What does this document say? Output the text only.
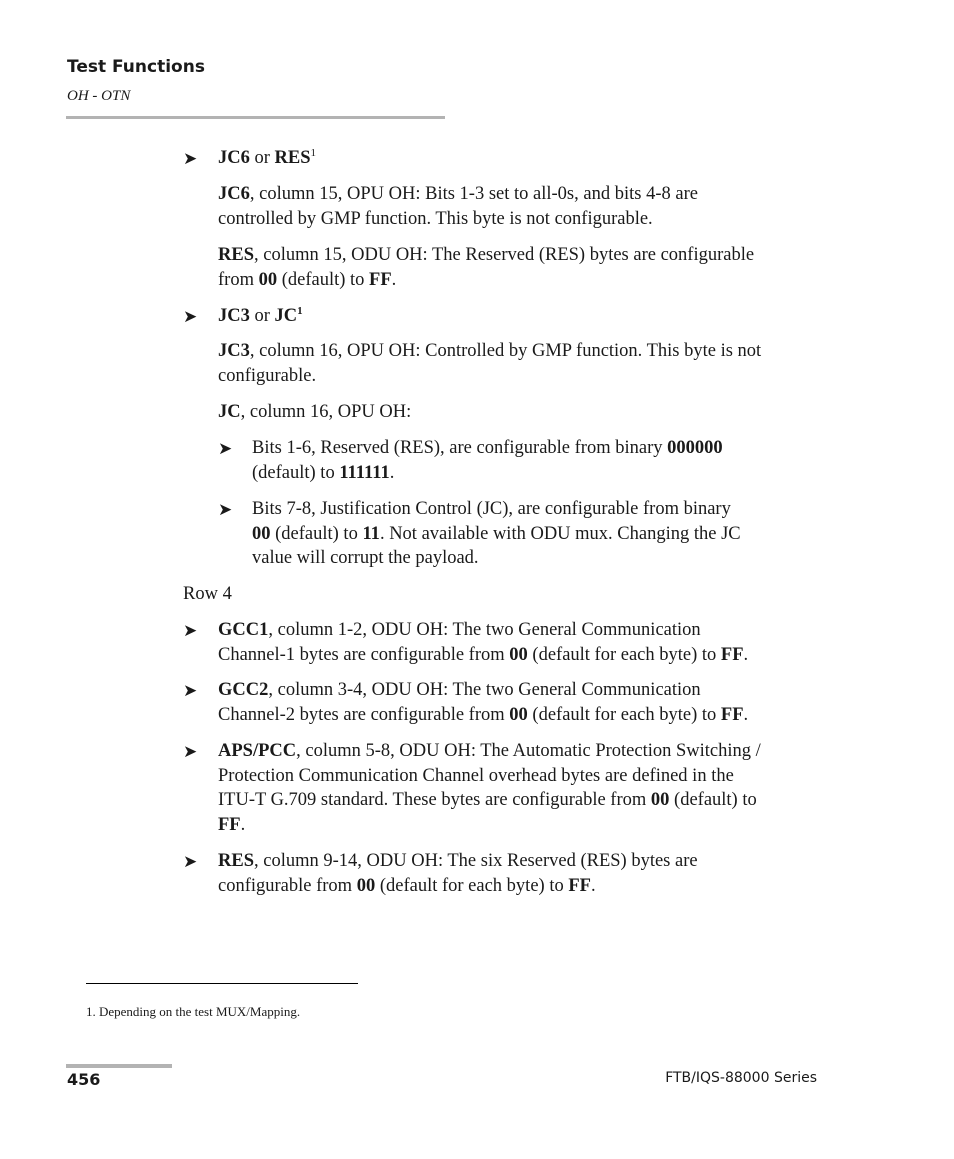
Test Functions
OH - OTN
➤ JC6 or RES$^1$
JC6, column 15, OPU OH: Bits 1-3 set to all-0s, and bits 4-8 are
controlled by GMP function. This byte is not configurable.
RES, column 15, ODU OH: The Reserved (RES) bytes are configurable
from 00 (default) to FF.
➤ JC3 or $JC^1$
JC3, column 16, OPU OH: Controlled by GMP function. This byte is not
configurable.
JC, column 16, OPU OH:
➤ Bits 1-6, Reserved (RES), are configurable from binary 000000
(default) to 111111.
➤ Bits 7-8, Justification Control (JC), are configurable from binary
00 (default) to 11. Not available with ODU mux. Changing the JC
value will corrupt the payload.
Row 4
➤ GCC1, column 1-2, ODU OH: The two General Communication
Channel-1 bytes are configurable from 00 (default for each byte) to FF.
➤ GCC2, column 3-4, ODU OH: The two General Communication
Channel-2 bytes are configurable from 00 (default for each byte) to FF.
➤ APS/PCC, column 5-8, ODU OH: The Automatic Protection Switching /
Protection Communication Channel overhead bytes are defined in the
ITU-T G.709 standard. These bytes are configurable from 00 (default) to
FF.
➤ RES, column 9-14, ODU OH: The six Reserved (RES) bytes are
configurable from 00 (default for each byte) to FF.
1. Depending on the test MUX/Mapping.
456	FTB/IQS-88000 Series
